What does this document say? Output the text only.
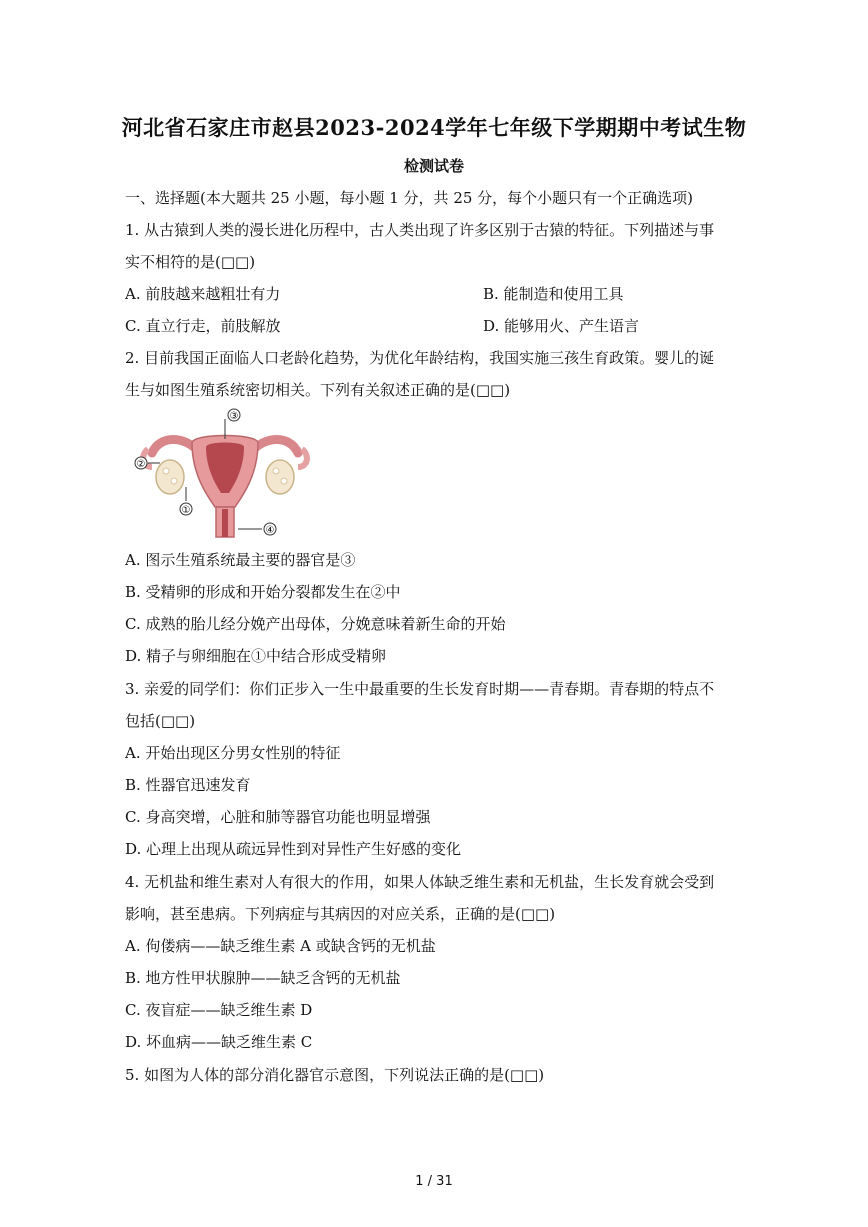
河北省石家庄市赵县2023-2024学年七年级下学期期中考试生物
检测试卷
一、选择题(本大题共 25 小题，每小题 1 分，共 25 分，每个小题只有一个正确选项)
1. 从古猿到人类的漫长进化历程中，古人类出现了许多区别于古猿的特征。下列描述与事
实不相符的是(□□)
A. 前肢越来越粗壮有力	B. 能制造和使用工具
C. 直立行走，前肢解放	D. 能够用火、产生语言
2. 目前我国正面临人口老龄化趋势，为优化年龄结构，我国实施三孩生育政策。婴儿的诞
生与如图生殖系统密切相关。下列有关叙述正确的是(□□)
③
②
①
④
A. 图示生殖系统最主要的器官是③
B. 受精卵的形成和开始分裂都发生在②中
C. 成熟的胎儿经分娩产出母体，分娩意味着新生命的开始
D. 精子与卵细胞在①中结合形成受精卵
3. 亲爱的同学们：你们正步入一生中最重要的生长发育时期——青春期。青春期的特点不
包括(□□)
A. 开始出现区分男女性别的特征
B. 性器官迅速发育
C. 身高突增，心脏和肺等器官功能也明显增强
D. 心理上出现从疏远异性到对异性产生好感的变化
4. 无机盐和维生素对人有很大的作用，如果人体缺乏维生素和无机盐，生长发育就会受到
影响，甚至患病。下列病症与其病因的对应关系，正确的是(□□)
A. 佝偻病——缺乏维生素 A 或缺含钙的无机盐
B. 地方性甲状腺肿——缺乏含钙的无机盐
C. 夜盲症——缺乏维生素 D
D. 坏血病——缺乏维生素 C
5. 如图为人体的部分消化器官示意图，下列说法正确的是(□□)
1 / 31
